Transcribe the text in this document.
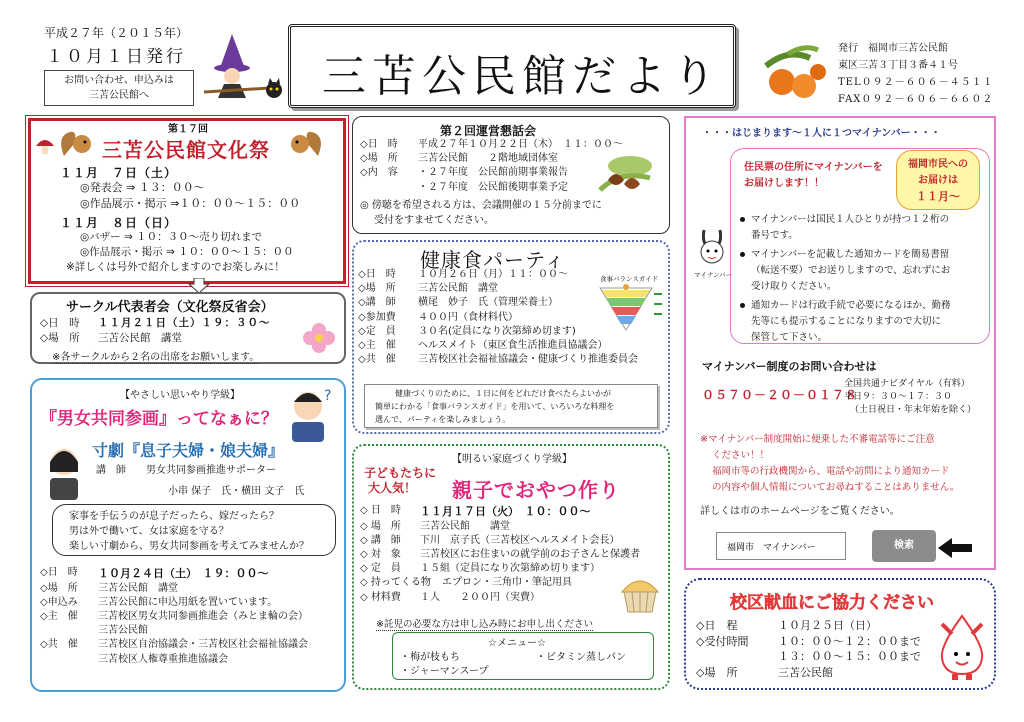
平成２７年（２０１５年）
１０月１日発行
お問い合わせ、申込みは
三苫公民館へ	三苫公民館だより
発行　福岡市三苫公民館
東区三苫３丁目３番４１号
TEL０９２－６０６－４５１１
FAX０９２－６０６－６６０２
第１７回
三苫公民館文化祭
１１月　７日（土）
◎発表会 ⇒ １３：００～
◎作品展示・掲示 ⇒１０：００～１５：００
１１月　８日（日）
◎バザー ⇒ １０：３０～売り切れまで
◎作品展示・掲示 ⇒ １０：００～１５：００
※詳しくは号外で紹介しますのでお楽しみに！
サークル代表者会（文化祭反省会）
◇日　時	１１月２１日（土）１９：３０～
◇場　所	三苫公民館　講堂
※各サークルから２名の出席をお願いします。
【やさしい思いやり学級】
『男女共同参画』ってなぁに？
?
寸劇『息子夫婦・娘夫婦』
講　師	男女共同参画推進サポーター
小串 保子　氏・横田 文子　氏
家事を手伝うのが息子だったら、嫁だったら？
男は外で働いて、女は家庭を守る？
楽しい寸劇から、男女共同参画を考えてみませんか？
◇日　時	１０月２４日（土）　１９：００～
◇場　所	三苫公民館　講堂
◇申込み	三苫公民館に申込用紙を置いています。
◇主　催	三苫校区男女共同参画推進会（みとま輪の会）
三苫公民館
◇共　催	三苫校区自治協議会・三苫校区社会福祉協議会
三苫校区人権尊重推進協議会
第２回運営懇話会
◇日　時	平成２７年１０月２２日（木）　１１：００～
◇場　所	三苫公民館　　２階地域団体室
◇内　容	・２７年度　公民館前期事業報告
・２７年度　公民館後期事業予定
◎ 傍聴を希望される方は、会議開催の１５分前までに
受付をすませてください。
健康食パーティ
◇日　時	１０月２６日（月）１１：００～
◇場　所	三苫公民館　講堂
◇講　師	横尾　妙子　氏（管理栄養士）
◇参加費	４００円（食材料代）
◇定　員	３０名(定員になり次第締め切ます)
◇主　催	ヘルスメイト（東区食生活推進員協議会）
◇共　催	三苫校区社会福祉協議会・健康づくり推進委員会
食事バランスガイド
健康づくりのために、１日に何をどれだけ食べたらよいかが
簡単にわかる「食事バランスガイド」を用いて、いろいろな料理を
選んで、パーティを楽しみましょう。
【明るい家庭づくり学級】
子どもたちに
大人気！	親子でおやつ作り
◇ 日　時	１１月１７日（火）　１０：００～
◇ 場　所	三苫公民館　　講堂
◇ 講　師	下川　京子氏（三苫校区ヘルスメイト会長）
◇ 対　象	三苫校区にお住まいの就学前のお子さんと保護者
◇ 定　員	１５組（定員になり次第締め切ります）
◇ 持ってくる物	エプロン・三角巾・筆記用具
◇ 材料費	１人　　２００円（実費）
※託児の必要な方は申し込み時にお申し出ください
☆メニュー☆
・梅が枝もち	・ビタミン蒸しパン
・ジャーマンスープ
・・・はじまります～１人に１つマイナンバー・・・
住民票の住所にマイナンバーを
お届けします！！
福岡市民への
お届けは
１１月～
マイナンバー
マイナンバーは国民１人ひとりが持つ１２桁の
番号です。
マイナンバーを記載した通知カードを簡易書留
（転送不要）でお送りしますので、忘れずにお
受け取りください。
通知カードは行政手続で必要になるほか、勤務
先等にも提示することになりますので大切に
保管して下さい。
マイナンバー制度のお問い合わせは
０５７０－２０－０１７８
全国共通ナビダイヤル（有料）
平日９：３０～１７：３０
（土日祝日・年末年始を除く）
※マイナンバー制度開始に便乗した不審電話等にご注意
ください！！
福岡市等の行政機関から、電話や訪問により通知カード
の内容や個人情報についてお尋ねすることはありません。
詳しくは市のホームページをご覧ください。
福岡市　マイナンバー
検索
校区献血にご協力ください
◇日　程	１０月２５日（日）
◇受付時間	１０：００～１２：００まで
１３：００～１５：００まで
◇場　所	三苫公民館
